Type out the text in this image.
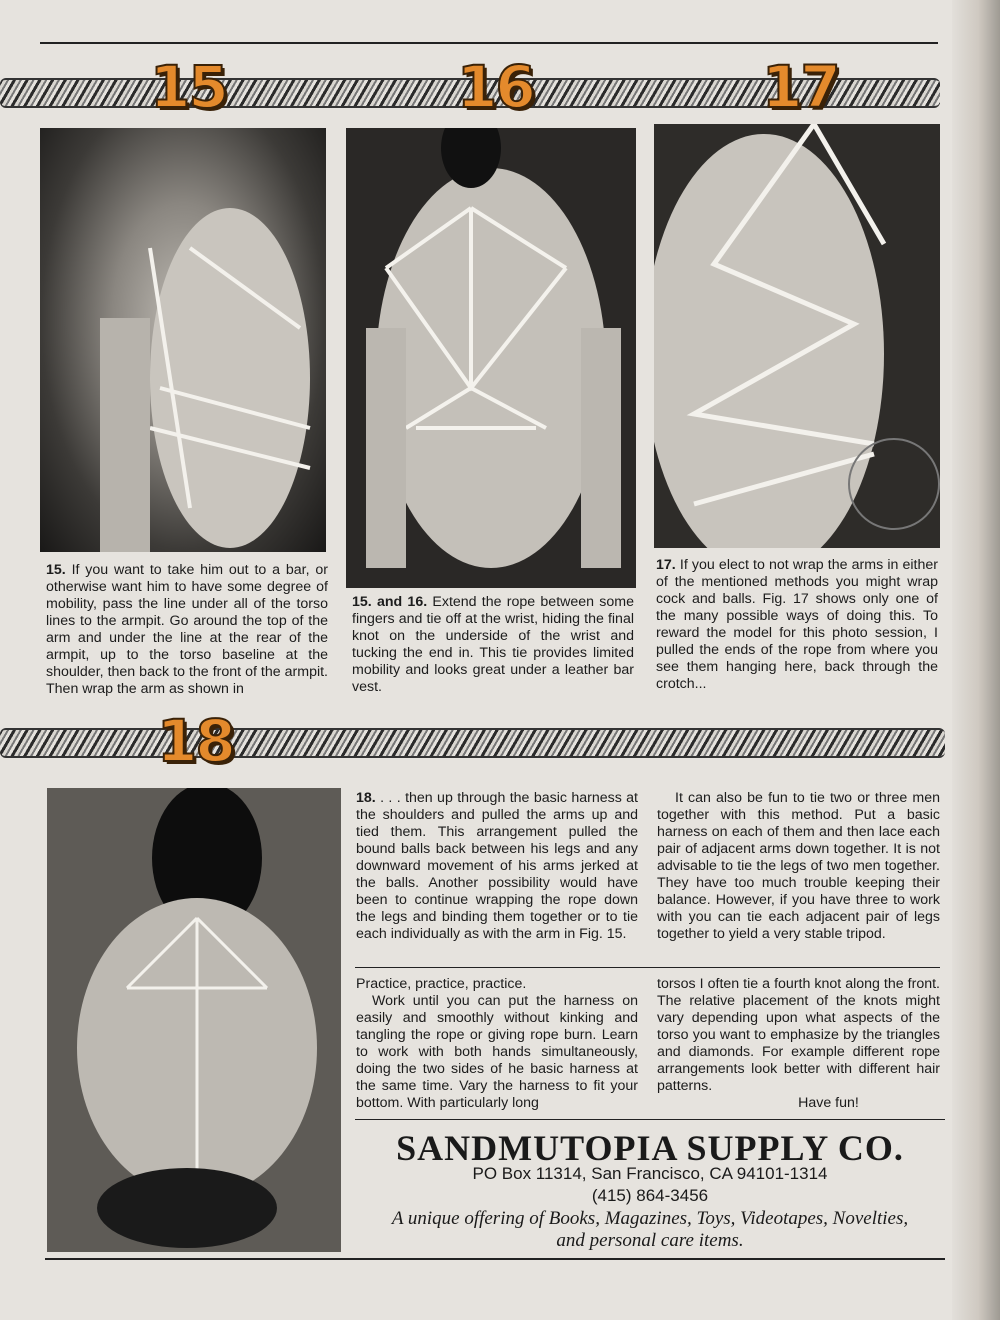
15	16	17
15. If you want to take him out to a bar, or otherwise want him to have some degree of mobility, pass the line under all of the torso lines to the armpit. Go around the top of the arm and under the line at the rear of the armpit, up to the torso baseline at the shoulder, then back to the front of the armpit. Then wrap the arm as shown in
15. and 16. Extend the rope between some fingers and tie off at the wrist, hiding the final knot on the underside of the wrist and tucking the end in. This tie provides limited mobility and looks great under a leather bar vest.
17. If you elect to not wrap the arms in either of the mentioned methods you might wrap cock and balls. Fig. 17 shows only one of the many possible ways of doing this. To reward the model for this photo session, I pulled the ends of the rope from where you see them hanging here, back through the crotch...
18
18. . . . then up through the basic harness at the shoulders and pulled the arms up and tied them. This arrangement pulled the bound balls back between his legs and any downward movement of his arms jerked at the balls. Another possibility would have been to continue wrapping the rope down the legs and binding them together or to tie each individually as with the arm in Fig. 15.
It can also be fun to tie two or three men together with this method. Put a basic harness on each of them and then lace each pair of adjacent arms down together. It is not advisable to tie the legs of two men together. They have too much trouble keeping their balance. However, if you have three to work with you can tie each adjacent pair of legs together to yield a very stable tripod.
Practice, practice, practice.
Work until you can put the harness on easily and smoothly without kinking and tangling the rope or giving rope burn. Learn to work with both hands simultaneously, doing the two sides of he basic harness at the same time. Vary the harness to fit your bottom. With particularly long
torsos I often tie a fourth knot along the front. The relative placement of the knots might vary depending upon what aspects of the torso you want to emphasize by the triangles and diamonds. For example different rope arrangements look better with different hair patterns.
Have fun!
SANDMUTOPIA SUPPLY CO.
PO Box 11314, San Francisco, CA 94101-1314
(415) 864-3456
A unique offering of Books, Magazines, Toys, Videotapes, Novelties,
and personal care items.
